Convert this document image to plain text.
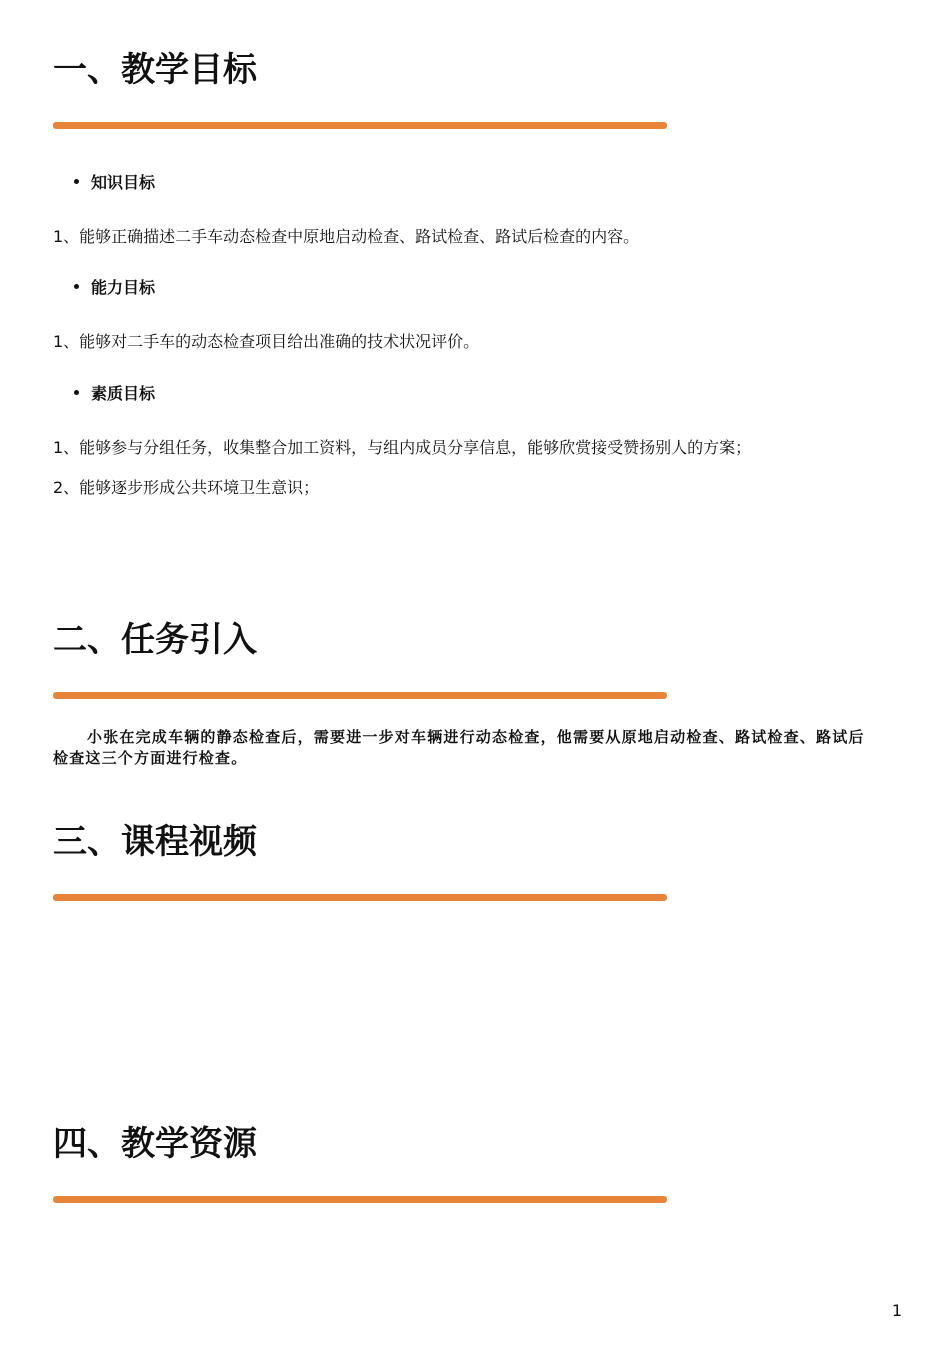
一、教学目标
知识目标
1、能够正确描述二手车动态检查中原地启动检查、路试检查、路试后检查的内容。
能力目标
1、能够对二手车的动态检查项目给出准确的技术状况评价。
素质目标
1、能够参与分组任务，收集整合加工资料，与组内成员分享信息，能够欣赏接受赞扬别人的方案；
2、能够逐步形成公共环境卫生意识；
二、任务引入
小张在完成车辆的静态检查后，需要进一步对车辆进行动态检查，他需要从原地启动检查、路试检查、路试后检查这三个方面进行检查。
三、课程视频
四、教学资源
1
